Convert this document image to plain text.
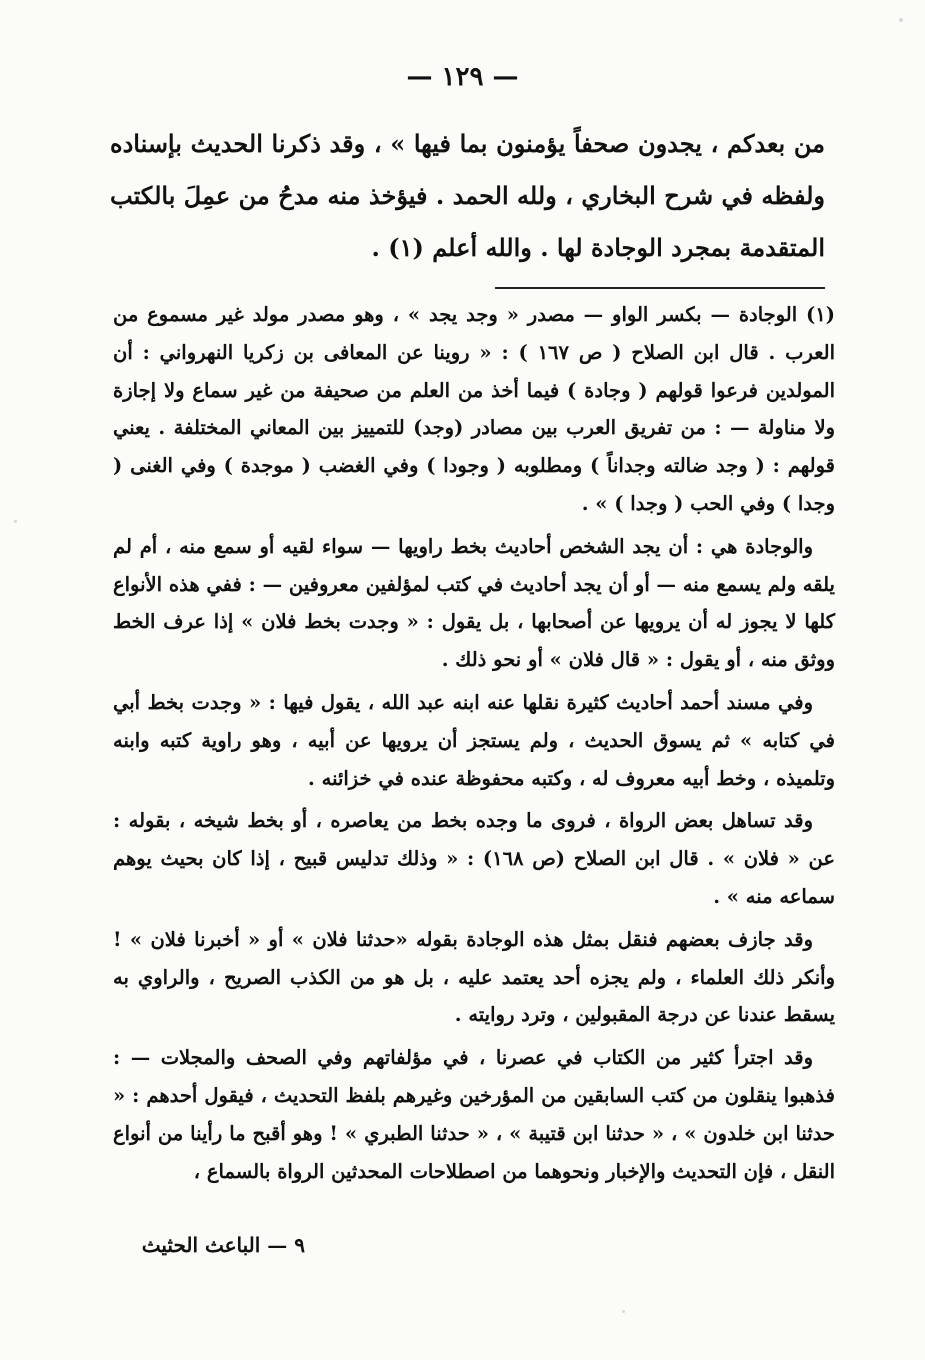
— ١٢٩ —

من بعدكم ، يجدون صحفاً يؤمنون بما فيها » ، وقد ذكرنا الحديث بإسناده ولفظه في شرح البخاري ، ولله الحمد . فيؤخذ منه مدحُ من عمِلَ بالكتب المتقدمة بمجرد الوجادة لها . والله أعلم (١) .

(١) الوجادة — بكسر الواو — مصدر « وجد يجد » ، وهو مصدر مولد غير مسموع من العرب . قال ابن الصلاح ( ص ١٦٧ ) : « روينا عن المعافى بن زكريا النهرواني : أن المولدين فرعوا قولهم ( وجادة ) فيما أخذ من العلم من صحيفة من غير سماع ولا إجازة ولا مناولة — : من تفريق العرب بين مصادر (وجد) للتمييز بين المعاني المختلفة . يعني قولهم : ( وجد ضالته وجداناً ) ومطلوبه ( وجودا ) وفي الغضب ( موجدة ) وفي الغنى ( وجدا ) وفي الحب ( وجدا ) » .

والوجادة هي : أن يجد الشخص أحاديث بخط راويها — سواء لقيه أو سمع منه ، أم لم يلقه ولم يسمع منه — أو أن يجد أحاديث في كتب لمؤلفين معروفين — : ففي هذه الأنواع كلها لا يجوز له أن يرويها عن أصحابها ، بل يقول : « وجدت بخط فلان » إذا عرف الخط ووثق منه ، أو يقول : « قال فلان » أو نحو ذلك .

وفي مسند أحمد أحاديث كثيرة نقلها عنه ابنه عبد الله ، يقول فيها : « وجدت بخط أبي في كتابه » ثم يسوق الحديث ، ولم يستجز أن يرويها عن أبيه ، وهو راوية كتبه وابنه وتلميذه ، وخط أبيه معروف له ، وكتبه محفوظة عنده في خزائنه .

وقد تساهل بعض الرواة ، فروى ما وجده بخط من يعاصره ، أو بخط شيخه ، بقوله : عن « فلان » . قال ابن الصلاح (ص ١٦٨) : « وذلك تدليس قبيح ، إذا كان بحيث يوهم سماعه منه » .

وقد جازف بعضهم فنقل بمثل هذه الوجادة بقوله «حدثنا فلان » أو « أخبرنا فلان » ! وأنكر ذلك العلماء ، ولم يجزه أحد يعتمد عليه ، بل هو من الكذب الصريح ، والراوي به يسقط عندنا عن درجة المقبولين ، وترد روايته .

وقد اجترأ كثير من الكتاب في عصرنا ، في مؤلفاتهم وفي الصحف والمجلات — : فذهبوا ينقلون من كتب السابقين من المؤرخين وغيرهم بلفظ التحديث ، فيقول أحدهم : « حدثنا ابن خلدون » ، « حدثنا ابن قتيبة » ، « حدثنا الطبري » ! وهو أقبح ما رأينا من أنواع النقل ، فإن التحديث والإخبار ونحوهما من اصطلاحات المحدثين الرواة بالسماع ،

٩ — الباعث الحثيث
